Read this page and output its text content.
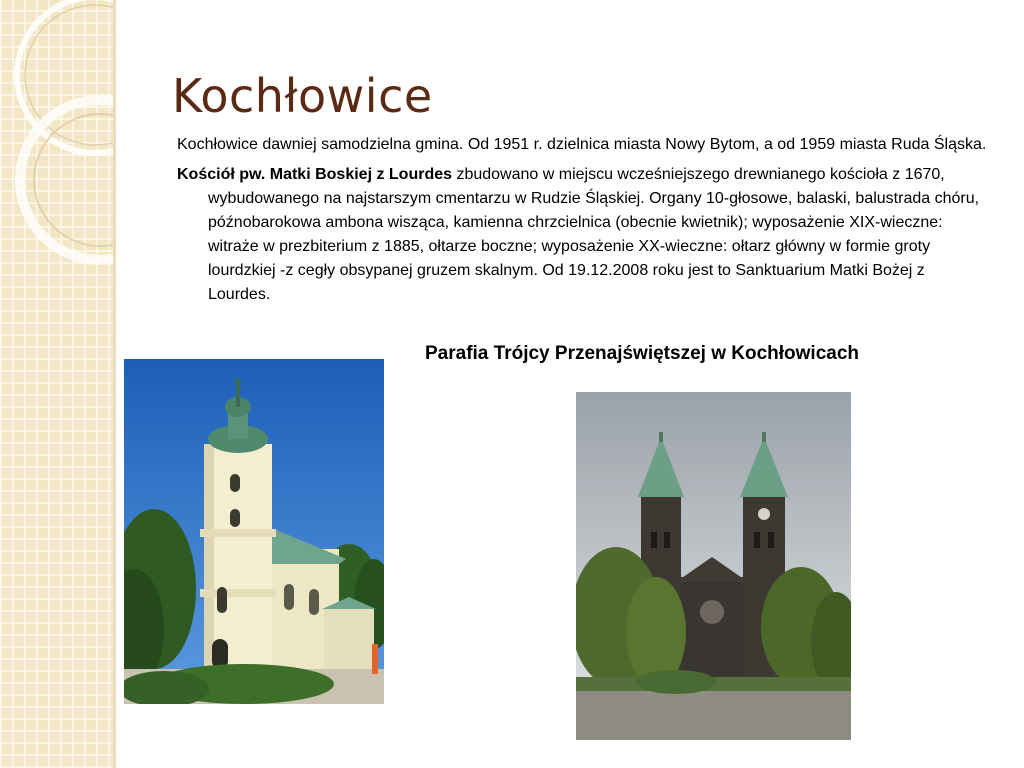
Kochłowice

Kochłowice dawniej samodzielna gmina. Od 1951 r. dzielnica miasta Nowy Bytom, a od 1959 miasta Ruda Śląska.

Kościół pw. Matki Boskiej z Lourdes zbudowano w miejscu wcześniejszego drewnianego kościoła z 1670, wybudowanego na najstarszym cmentarzu w Rudzie Śląskiej. Organy 10-głosowe, balaski, balustrada chóru, późnobarokowa ambona wisząca, kamienna chrzcielnica (obecnie kwietnik); wyposażenie XIX-wieczne: witraże w prezbiterium z 1885, ołtarze boczne; wyposażenie XX-wieczne: ołtarz główny w formie groty lourdzkiej -z cegły obsypanej gruzem skalnym. Od 19.12.2008 roku jest to Sanktuarium Matki Bożej z Lourdes.

Parafia Trójcy Przenajświętszej w Kochłowicach
